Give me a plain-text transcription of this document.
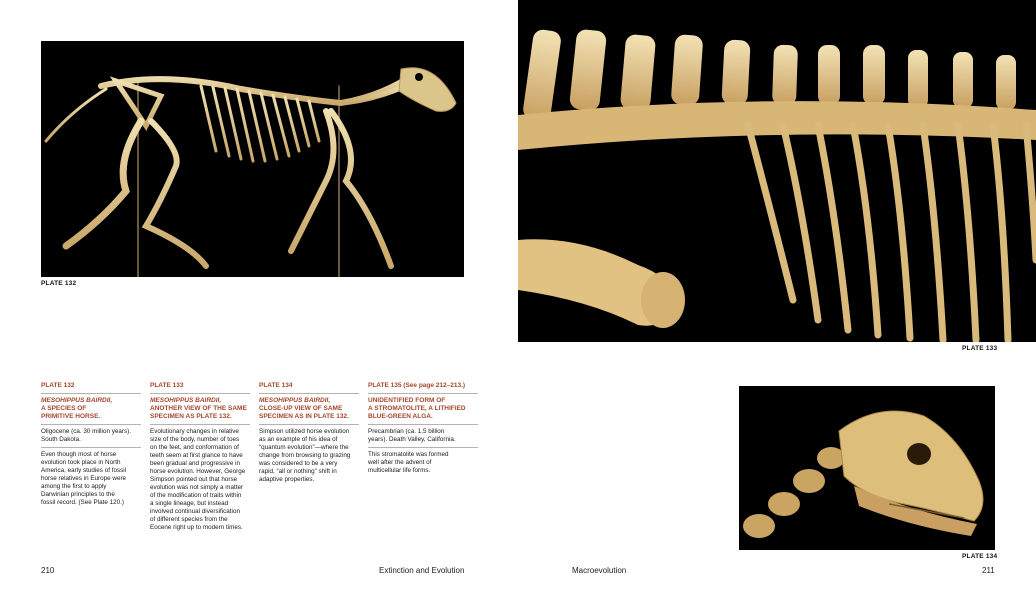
PLATE 132
PLATE 133
PLATE 134
PLATE 132
MESOHIPPUS BAIRDII,
A SPECIES OF
PRIMITIVE HORSE.
Oligocene (ca. 30 million years).
South Dakota.
Even though most of horse
evolution took place in North
America, early studies of fossil
horse relatives in Europe were
among the first to apply
Darwinian principles to the
fossil record. (See Plate 120.)
PLATE 133
MESOHIPPUS BAIRDII,
ANOTHER VIEW OF THE SAME
SPECIMEN AS PLATE 132.
Evolutionary changes in relative
size of the body, number of toes
on the feet, and conformation of
teeth seem at first glance to have
been gradual and progressive in
horse evolution. However, George
Simpson pointed out that horse
evolution was not simply a matter
of the modification of traits within
a single lineage, but instead
involved continual diversification
of different species from the
Eocene right up to modern times.
PLATE 134
MESOHIPPUS BAIRDII,
CLOSE-UP VIEW OF SAME
SPECIMEN AS IN PLATE 132.
Simpson utilized horse evolution
as an example of his idea of
“quantum evolution”—where the
change from browsing to grazing
was considered to be a very
rapid, “all or nothing” shift in
adaptive properties.
PLATE 135 (See page 212–213.)
UNIDENTIFIED FORM OF
A STROMATOLITE, A LITHIFIED
BLUE-GREEN ALGA.
Precambrian (ca. 1.5 billion
years). Death Valley, California.
This stromatolite was formed
well after the advent of
multicellular life forms.
210	Extinction and Evolution	Macroevolution	211
